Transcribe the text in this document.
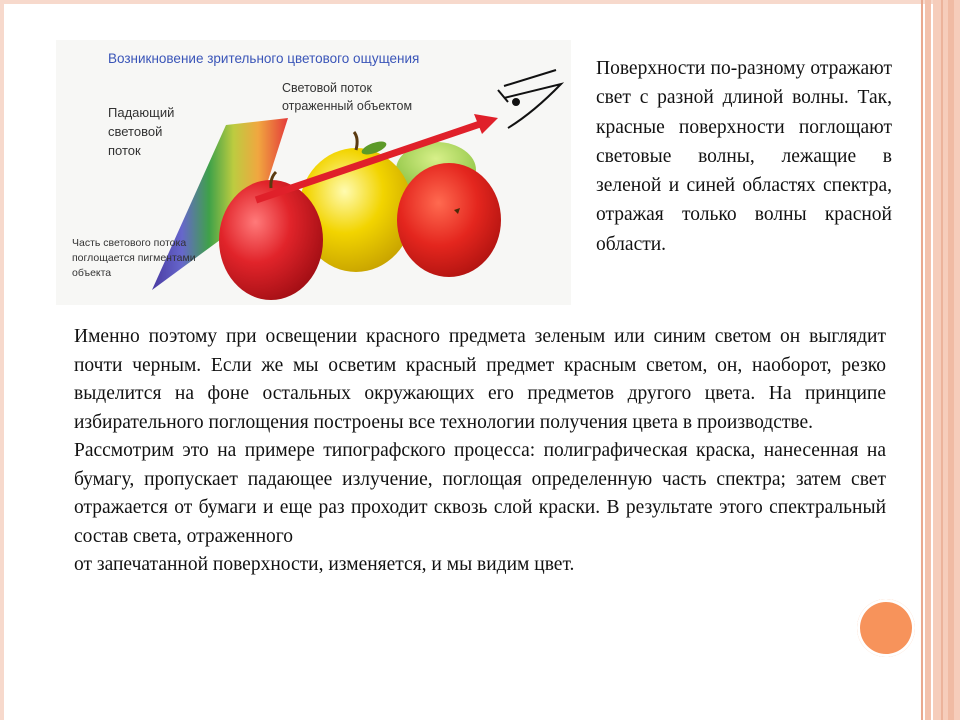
Возникновение зрительного цветового ощущения
Световой поток
отраженный объектом
Падающий
световой
поток
Часть светового потока
поглощается пигментами
объекта
Поверхности по-разному отражают свет с разной длиной волны. Так, красные поверхности поглощают световые волны, лежащие в зеленой и синей областях спектра, отражая только волны красной области.

Именно поэтому при освещении красного предмета зеленым или синим светом он выглядит почти черным. Если же мы осветим красный предмет красным светом, он, наоборот, резко выделится на фоне остальных окружающих его предметов другого цвета. На принципе избирательного поглощения построены все технологии получения цвета в производстве.

Рассмотрим это на примере типографского процесса: полиграфическая краска, нанесенная на бумагу, пропускает падающее излучение, поглощая определенную часть спектра; затем свет отражается от бумаги и еще раз проходит сквозь слой краски. В результате этого спектральный состав света, отраженного

от запечатанной поверхности, изменяется, и мы видим цвет.
